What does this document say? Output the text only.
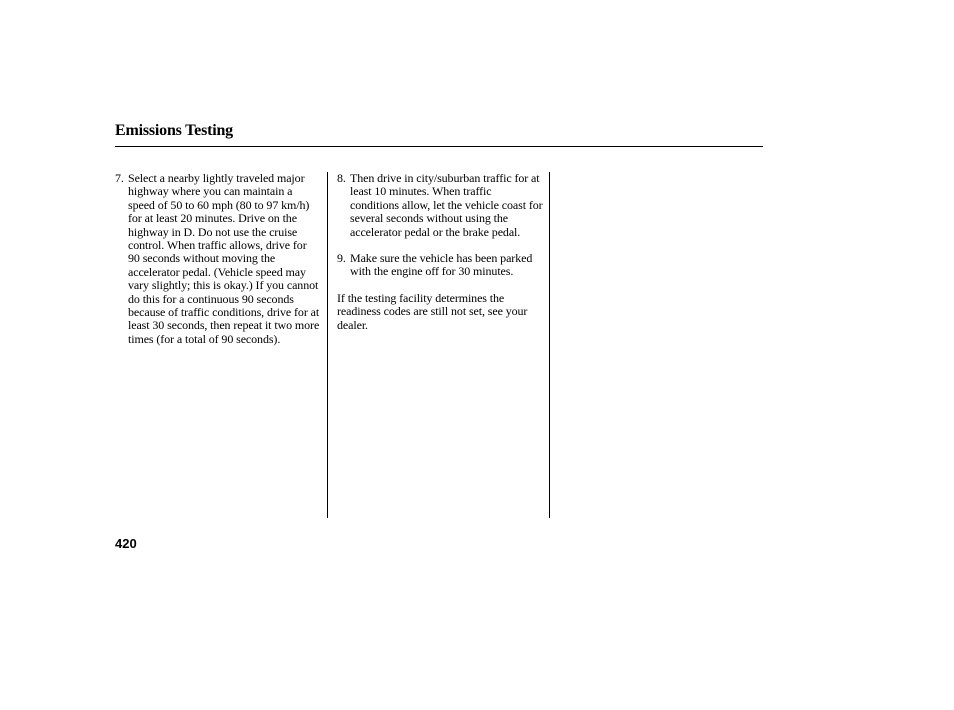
Emissions Testing
7. Select a nearby lightly traveled major highway where you can maintain a speed of 50 to 60 mph (80 to 97 km/h) for at least 20 minutes. Drive on the highway in D. Do not use the cruise control. When traffic allows, drive for 90 seconds without moving the accelerator pedal. (Vehicle speed may vary slightly; this is okay.) If you cannot do this for a continuous 90 seconds because of traffic conditions, drive for at least 30 seconds, then repeat it two more times (for a total of 90 seconds).
8. Then drive in city/suburban traffic for at least 10 minutes. When traffic conditions allow, let the vehicle coast for several seconds without using the accelerator pedal or the brake pedal.
9. Make sure the vehicle has been parked with the engine off for 30 minutes.

If the testing facility determines the readiness codes are still not set, see your dealer.

420
